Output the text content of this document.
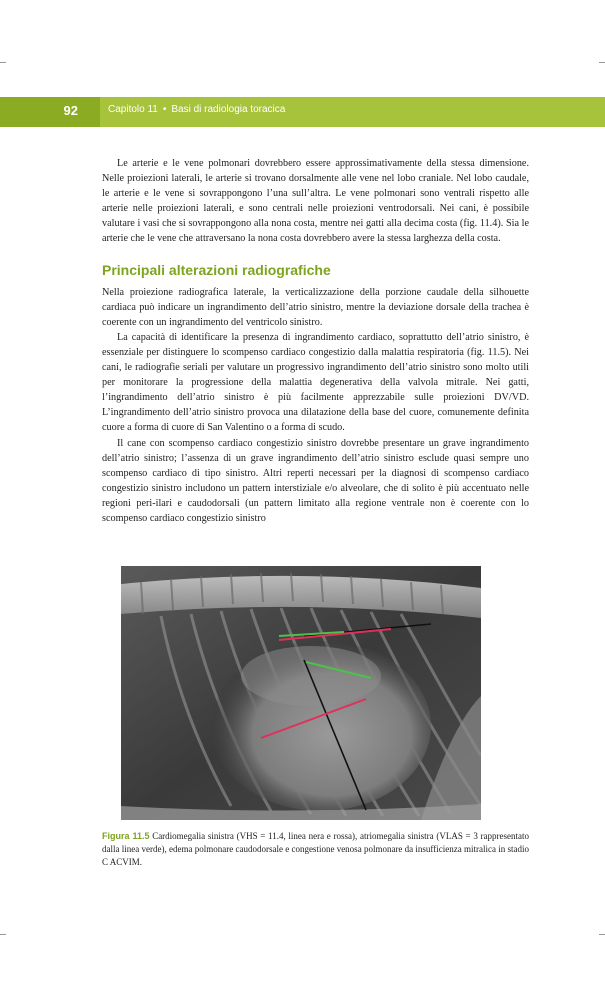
92	Capitolo 11 • Basi di radiologia toracica

Le arterie e le vene polmonari dovrebbero essere approssimativamente della stessa dimensione. Nelle proiezioni laterali, le arterie si trovano dorsalmente alle vene nel lobo craniale. Nel lobo caudale, le arterie e le vene si sovrappongono l’una sull’altra. Le vene polmonari sono ventrali rispetto alle arterie nelle proiezioni laterali, e sono centrali nelle proiezioni ventrodorsali. Nei cani, è possibile valutare i vasi che si sovrappongono alla nona costa, mentre nei gatti alla decima costa (fig. 11.4). Sia le arterie che le vene che attraversano la nona costa dovrebbero avere la stessa larghezza della costa.

Principali alterazioni radiografiche

Nella proiezione radiografica laterale, la verticalizzazione della porzione caudale della silhouette cardiaca può indicare un ingrandimento dell’atrio sinistro, mentre la deviazione dorsale della trachea è coerente con un ingrandimento del ventricolo sinistro.

La capacità di identificare la presenza di ingrandimento cardiaco, soprattutto dell’atrio sinistro, è essenziale per distinguere lo scompenso cardiaco congestizio dalla malattia respiratoria (fig. 11.5). Nei cani, le radiografie seriali per valutare un progressivo ingrandimento dell’atrio sinistro sono molto utili per monitorare la progressione della malattia degenerativa della valvola mitrale. Nei gatti, l’ingrandimento dell’atrio sinistro è più facilmente apprezzabile sulle proiezioni DV/VD. L’ingrandimento dell’atrio sinistro provoca una dilatazione della base del cuore, comunemente definita cuore a forma di cuore di San Valentino o a forma di scudo.

Il cane con scompenso cardiaco congestizio sinistro dovrebbe presentare un grave ingrandimento dell’atrio sinistro; l’assenza di un grave ingrandimento dell’atrio sinistro esclude quasi sempre uno scompenso cardiaco di tipo sinistro. Altri reperti necessari per la diagnosi di scompenso cardiaco congestizio sinistro includono un pattern interstiziale e/o alveolare, che di solito è più accentuato nelle regioni peri-ilari e caudodorsali (un pattern limitato alla regione ventrale non è coerente con lo scompenso cardiaco congestizio sinistro

Figura 11.5 Cardiomegalia sinistra (VHS = 11.4, linea nera e rossa), atriomegalia sinistra (VLAS = 3 rappresentato dalla linea verde), edema polmonare caudodorsale e congestione venosa polmonare da insufficienza mitralica in stadio C ACVIM.
